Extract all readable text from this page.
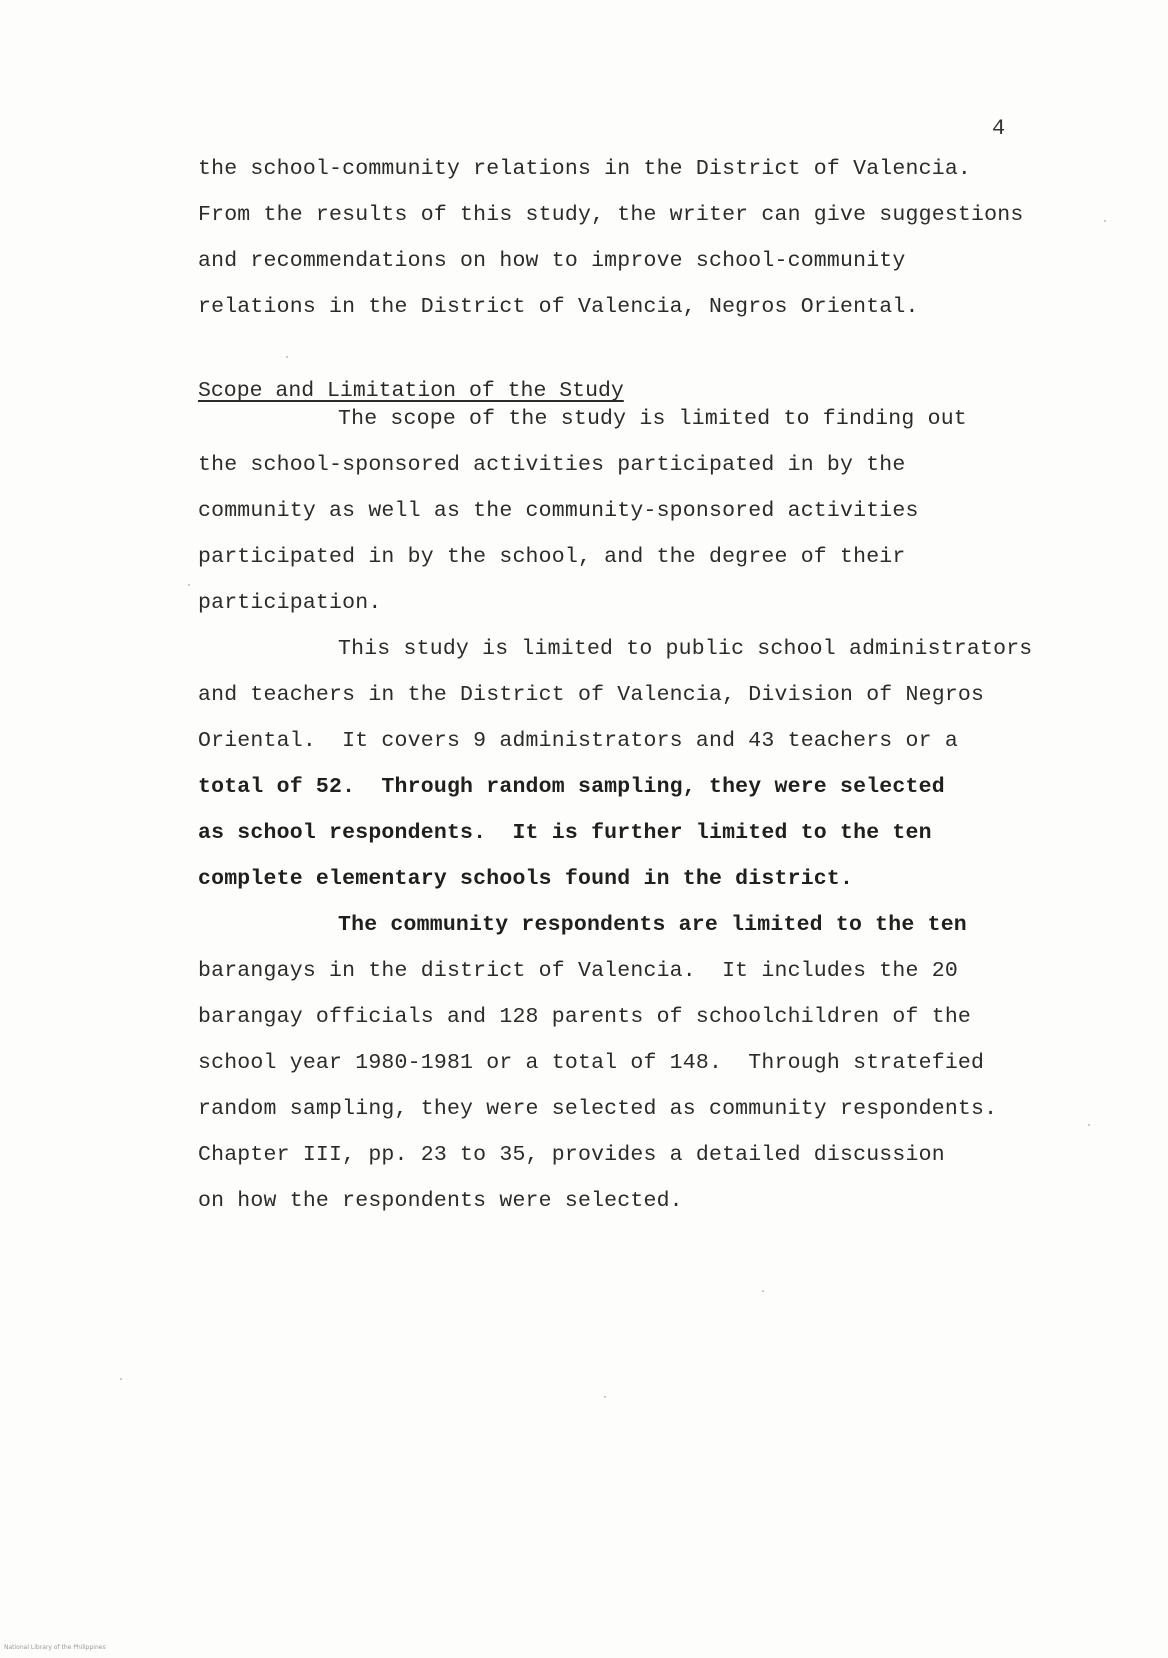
4
the school-community relations in the District of Valencia.
From the results of this study, the writer can give suggestions
and recommendations on how to improve school-community
relations in the District of Valencia, Negros Oriental.
Scope and Limitation of the Study
The scope of the study is limited to finding out
the school-sponsored activities participated in by the
community as well as the community-sponsored activities
participated in by the school, and the degree of their
participation.
This study is limited to public school administrators
and teachers in the District of Valencia, Division of Negros
Oriental.  It covers 9 administrators and 43 teachers or a
total of 52.  Through random sampling, they were selected
as school respondents.  It is further limited to the ten
complete elementary schools found in the district.
The community respondents are limited to the ten
barangays in the district of Valencia.  It includes the 20
barangay officials and 128 parents of schoolchildren of the
school year 1980-1981 or a total of 148.  Through stratefied
random sampling, they were selected as community respondents.
Chapter III, pp. 23 to 35, provides a detailed discussion
on how the respondents were selected.
National Library of the Philippines
